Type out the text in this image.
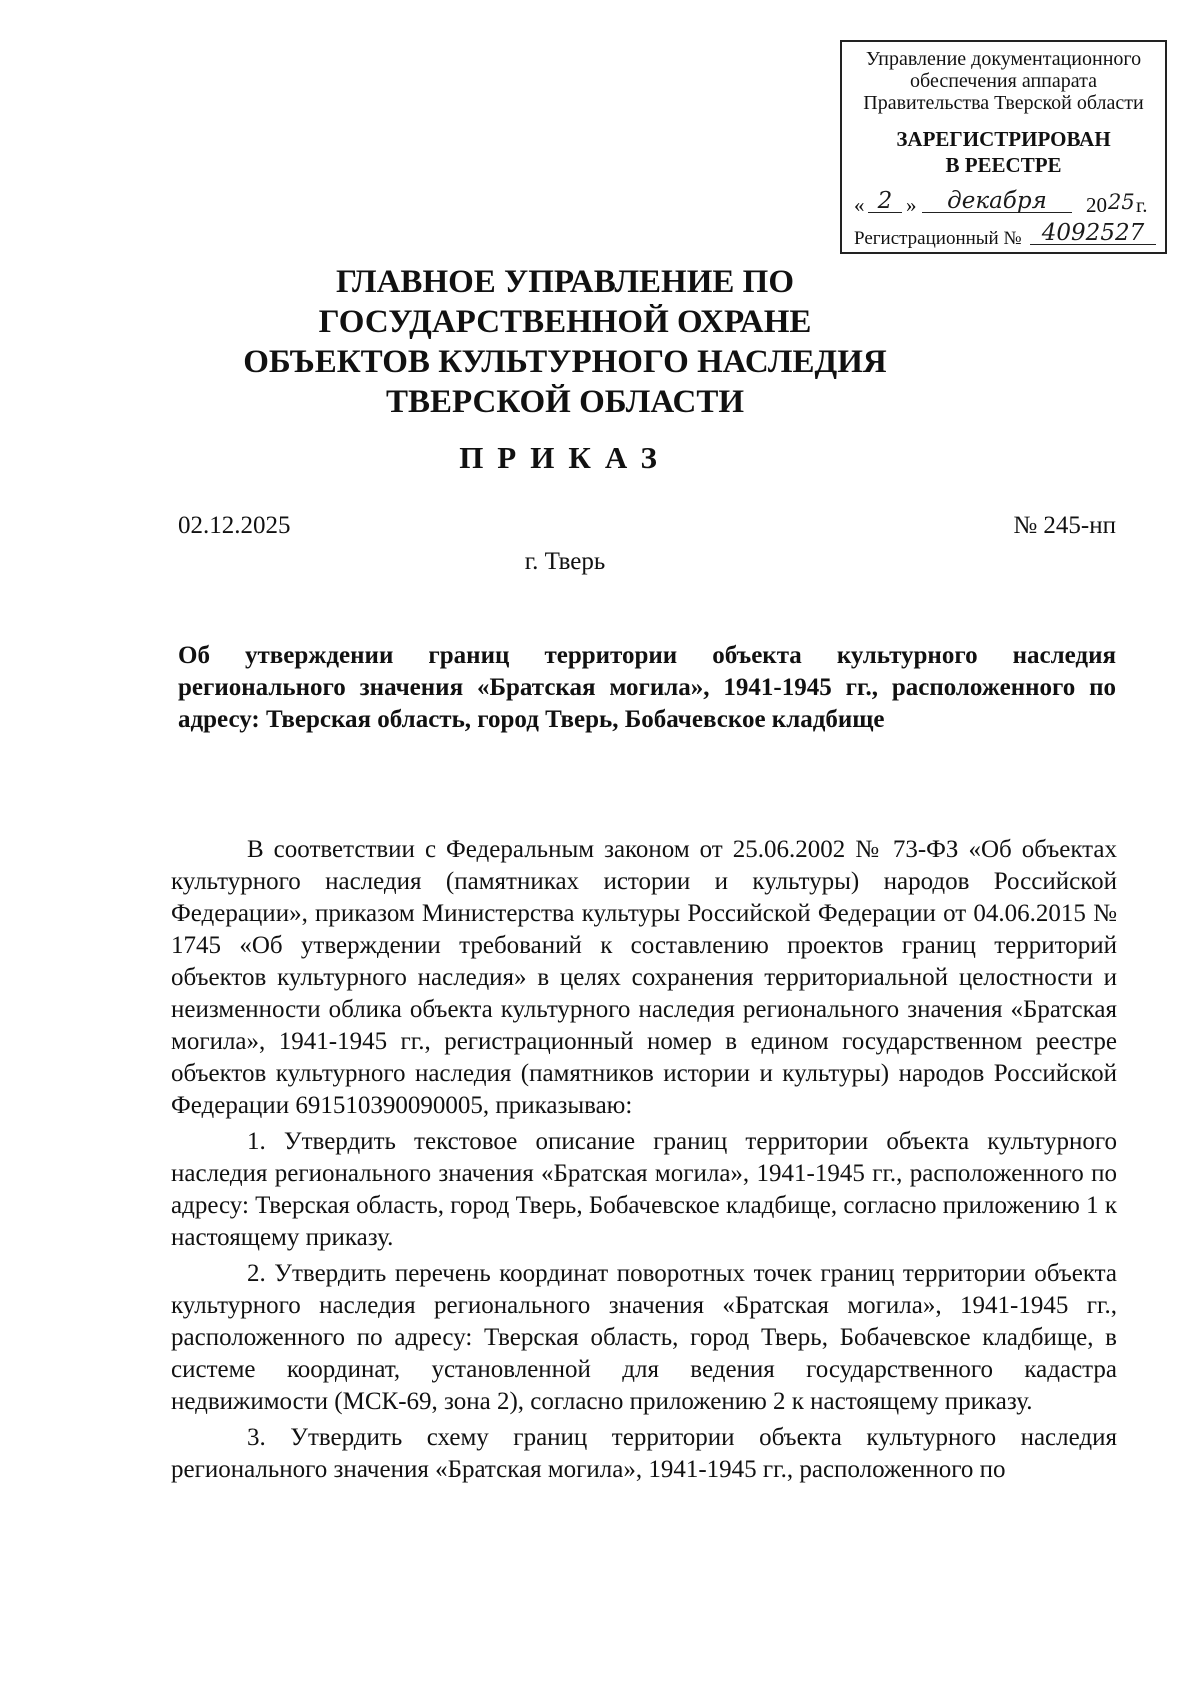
Управление документационного
обеспечения аппарата
Правительства Тверской области
ЗАРЕГИСТРИРОВАН
В РЕЕСТРЕ
« 2 »	декабря	20 25 г.
Регистрационный № 4092527
ГЛАВНОЕ УПРАВЛЕНИЕ ПО
ГОСУДАРСТВЕННОЙ ОХРАНЕ
ОБЪЕКТОВ КУЛЬТУРНОГО НАСЛЕДИЯ
ТВЕРСКОЙ ОБЛАСТИ
ПРИКАЗ
02.12.2025	№ 245-нп
г. Тверь
Об утверждении границ территории объекта культурного наследия регионального значения «Братская могила», 1941-1945 гг., расположенного по адресу: Тверская область, город Тверь, Бобачевское кладбище

В соответствии с Федеральным законом от 25.06.2002 № 73-ФЗ «Об объектах культурного наследия (памятниках истории и культуры) народов Российской Федерации», приказом Министерства культуры Российской Федерации от 04.06.2015 № 1745 «Об утверждении требований к составлению проектов границ территорий объектов культурного наследия» в целях сохранения территориальной целостности и неизменности облика объекта культурного наследия регионального значения «Братская могила», 1941-1945 гг., регистрационный номер в едином государственном реестре объектов культурного наследия (памятников истории и культуры) народов Российской Федерации 691510390090005, приказываю:

1. Утвердить текстовое описание границ территории объекта культурного наследия регионального значения «Братская могила», 1941-1945 гг., расположенного по адресу: Тверская область, город Тверь, Бобачевское кладбище, согласно приложению 1 к настоящему приказу.

2. Утвердить перечень координат поворотных точек границ территории объекта культурного наследия регионального значения «Братская могила», 1941-1945 гг., расположенного по адресу: Тверская область, город Тверь, Бобачевское кладбище, в системе координат, установленной для ведения государственного кадастра недвижимости (МСК-69, зона 2), согласно приложению 2 к настоящему приказу.

3. Утвердить схему границ территории объекта культурного наследия регионального значения «Братская могила», 1941-1945 гг., расположенного по
